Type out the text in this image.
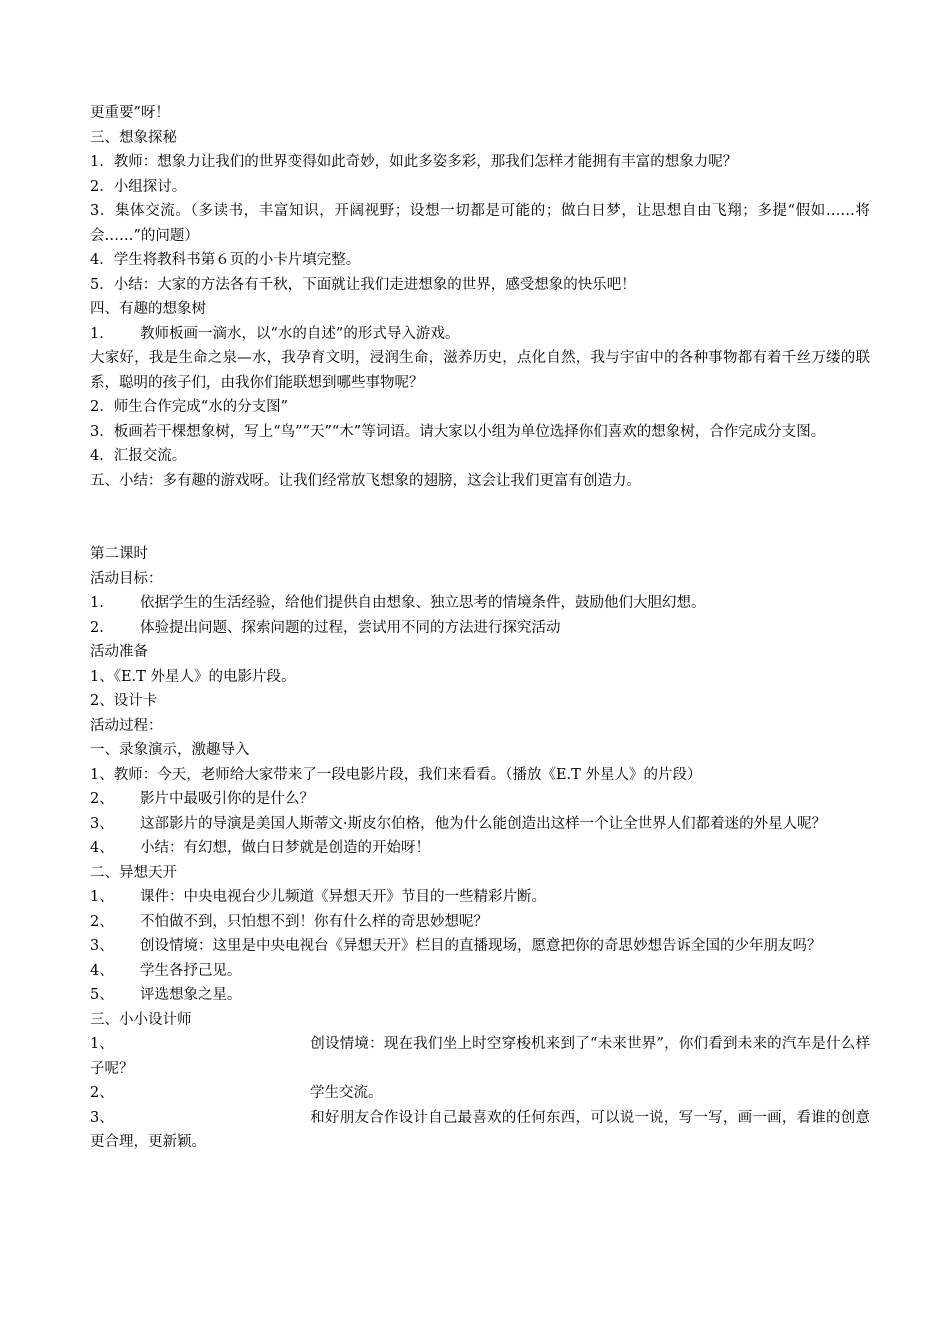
更重要”呀！
三、想象探秘
1．教师：想象力让我们的世界变得如此奇妙，如此多姿多彩，那我们怎样才能拥有丰富的想象力呢？
2．小组探讨。
3．集体交流。（多读书，丰富知识，开阔视野；设想一切都是可能的；做白日梦，让思想自由飞翔；多提“假如……将会……”的问题）
4．学生将教科书第６页的小卡片填完整。
5．小结：大家的方法各有千秋，下面就让我们走进想象的世界，感受想象的快乐吧！
四、有趣的想象树
1． 教师板画一滴水，以“水的自述”的形式导入游戏。
大家好，我是生命之泉—水，我孕育文明，浸润生命，滋养历史，点化自然，我与宇宙中的各种事物都有着千丝万缕的联系，聪明的孩子们，由我你们能联想到哪些事物呢？
2．师生合作完成“水的分支图”
3．板画若干棵想象树，写上“鸟”“天”“木”等词语。请大家以小组为单位选择你们喜欢的想象树，合作完成分支图。
4．汇报交流。
五、小结：多有趣的游戏呀。让我们经常放飞想象的翅膀，这会让我们更富有创造力。
第二课时
活动目标：
1. 依据学生的生活经验，给他们提供自由想象、独立思考的情境条件，鼓励他们大胆幻想。
2. 体验提出问题、探索问题的过程，尝试用不同的方法进行探究活动
活动准备
1、《E.T 外星人》的电影片段。
2、设计卡
活动过程：
一、录象演示，激趣导入
1、教师：今天，老师给大家带来了一段电影片段，我们来看看。（播放《E.T 外星人》的片段）
2、 影片中最吸引你的是什么？
3、 这部影片的导演是美国人斯蒂文·斯皮尔伯格，他为什么能创造出这样一个让全世界人们都着迷的外星人呢？
4、 小结：有幻想，做白日梦就是创造的开始呀！
二、异想天开
1、 课件：中央电视台少儿频道《异想天开》节目的一些精彩片断。
2、 不怕做不到，只怕想不到！你有什么样的奇思妙想呢？
3、 创设情境：这里是中央电视台《异想天开》栏目的直播现场，愿意把你的奇思妙想告诉全国的少年朋友吗？
4、 学生各抒己见。
5、 评选想象之星。
三、小小设计师
1、	创设情境：现在我们坐上时空穿梭机来到了“未来世界”，你们看到未来的汽车是什么样子呢？
2、	学生交流。
3、	和好朋友合作设计自己最喜欢的任何东西，可以说一说，写一写，画一画，看谁的创意更合理，更新颖。
